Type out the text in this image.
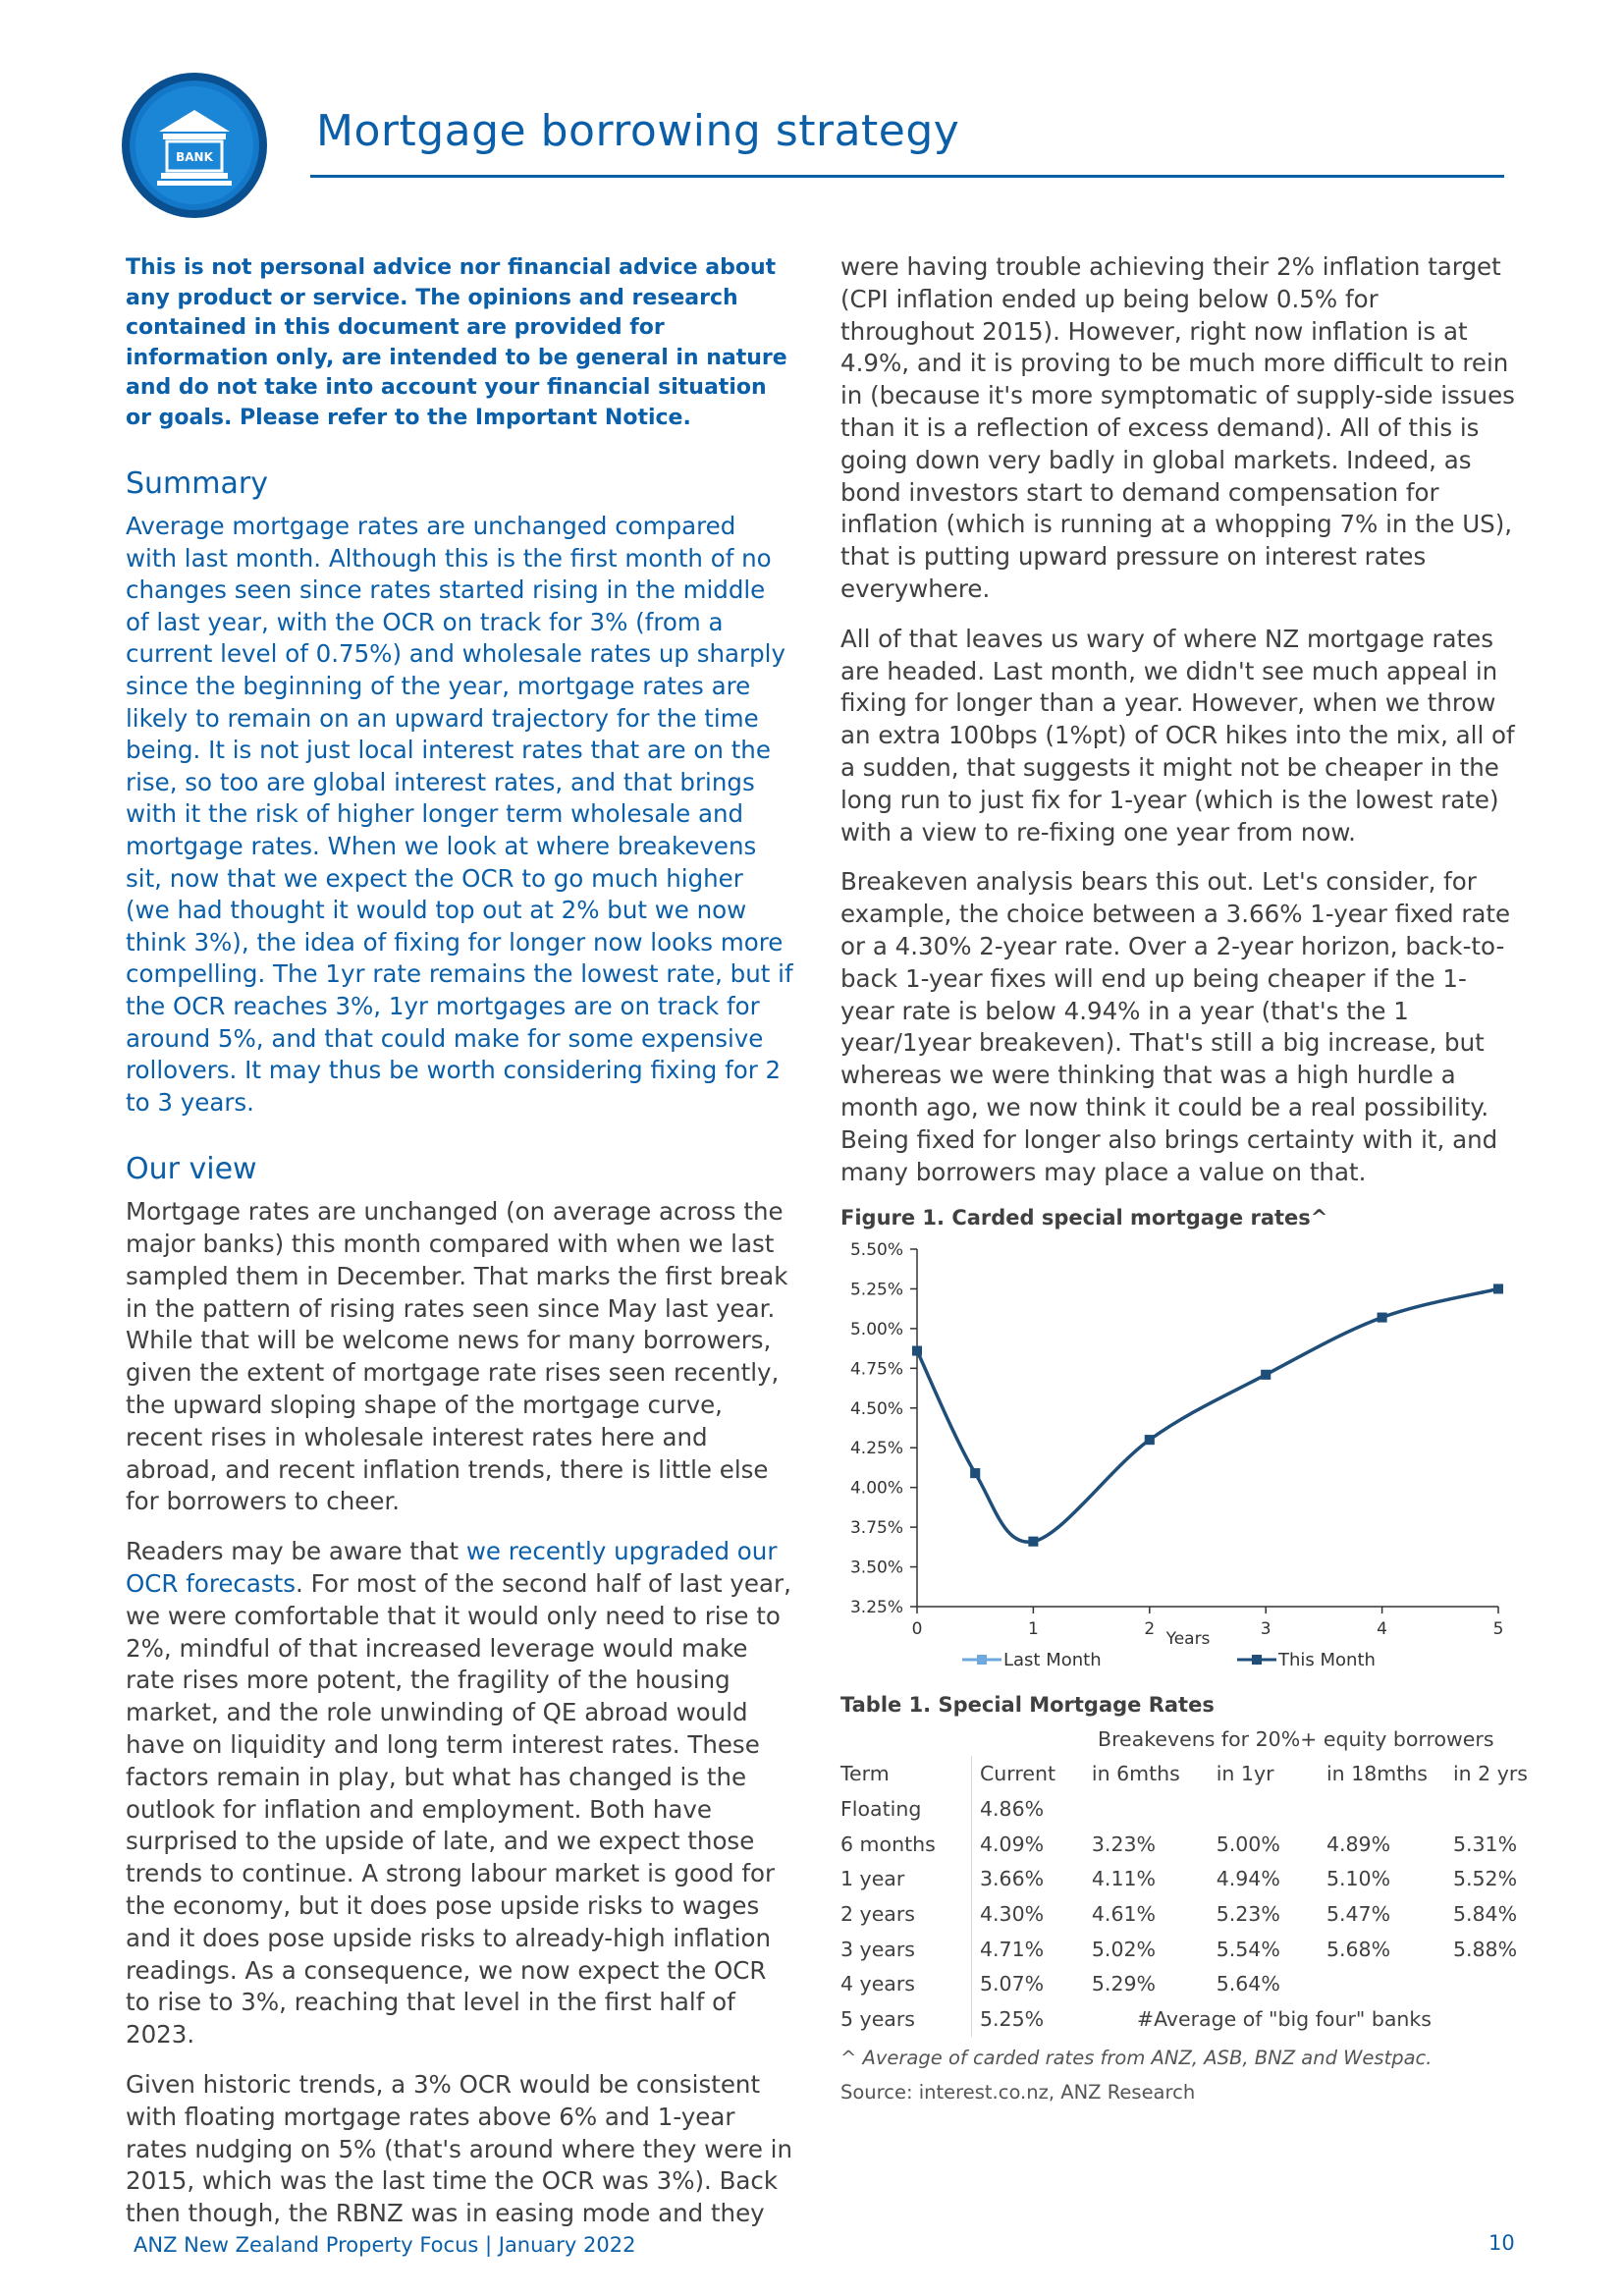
BANK
Mortgage borrowing strategy

This is not personal advice nor financial advice about any product or service. The opinions and research contained in this document are provided for information only, are intended to be general in nature and do not take into account your financial situation or goals. Please refer to the Important Notice.

Summary

Average mortgage rates are unchanged compared with last month. Although this is the first month of no changes seen since rates started rising in the middle of last year, with the OCR on track for 3% (from a current level of 0.75%) and wholesale rates up sharply since the beginning of the year, mortgage rates are likely to remain on an upward trajectory for the time being. It is not just local interest rates that are on the rise, so too are global interest rates, and that brings with it the risk of higher longer term wholesale and mortgage rates. When we look at where breakevens sit, now that we expect the OCR to go much higher (we had thought it would top out at 2% but we now think 3%), the idea of fixing for longer now looks more compelling. The 1yr rate remains the lowest rate, but if the OCR reaches 3%, 1yr mortgages are on track for around 5%, and that could make for some expensive rollovers. It may thus be worth considering fixing for 2 to 3 years.

Our view

Mortgage rates are unchanged (on average across the major banks) this month compared with when we last sampled them in December. That marks the first break in the pattern of rising rates seen since May last year. While that will be welcome news for many borrowers, given the extent of mortgage rate rises seen recently, the upward sloping shape of the mortgage curve, recent rises in wholesale interest rates here and abroad, and recent inflation trends, there is little else for borrowers to cheer.

Readers may be aware that we recently upgraded our OCR forecasts. For most of the second half of last year, we were comfortable that it would only need to rise to 2%, mindful of that increased leverage would make rate rises more potent, the fragility of the housing market, and the role unwinding of QE abroad would have on liquidity and long term interest rates. These factors remain in play, but what has changed is the outlook for inflation and employment. Both have surprised to the upside of late, and we expect those trends to continue. A strong labour market is good for the economy, but it does pose upside risks to wages and it does pose upside risks to already-high inflation readings. As a consequence, we now expect the OCR to rise to 3%, reaching that level in the first half of 2023.

Given historic trends, a 3% OCR would be consistent with floating mortgage rates above 6% and 1-year rates nudging on 5% (that's around where they were in 2015, which was the last time the OCR was 3%). Back then though, the RBNZ was in easing mode and they

were having trouble achieving their 2% inflation target (CPI inflation ended up being below 0.5% for throughout 2015). However, right now inflation is at 4.9%, and it is proving to be much more difficult to rein in (because it's more symptomatic of supply-side issues than it is a reflection of excess demand). All of this is going down very badly in global markets. Indeed, as bond investors start to demand compensation for inflation (which is running at a whopping 7% in the US), that is putting upward pressure on interest rates everywhere.

All of that leaves us wary of where NZ mortgage rates are headed. Last month, we didn't see much appeal in fixing for longer than a year. However, when we throw an extra 100bps (1%pt) of OCR hikes into the mix, all of a sudden, that suggests it might not be cheaper in the long run to just fix for 1-year (which is the lowest rate) with a view to re-fixing one year from now.

Breakeven analysis bears this out. Let's consider, for example, the choice between a 3.66% 1-year fixed rate or a 4.30% 2-year rate. Over a 2-year horizon, back-to-back 1-year fixes will end up being cheaper if the 1-year rate is below 4.94% in a year (that's the 1 year/1year breakeven). That's still a big increase, but whereas we were thinking that was a high hurdle a month ago, we now think it could be a real possibility. Being fixed for longer also brings certainty with it, and many borrowers may place a value on that.

Figure 1. Carded special mortgage rates^
3.25%
3.50%
3.75%
4.00%
4.25%
4.50%
4.75%
5.00%
5.25%
5.50%
0	1	2	3	4	5
Years
Last Month	This Month
Table 1. Special Mortgage Rates
Breakevens for 20%+ equity borrowers					
Term	Current	in 6mths	in 1yr	in 18mths	in 2 yrs
Floating	4.86%				
6 months	4.09%	3.23%	5.00%	4.89%	5.31%
1 year	3.66%	4.11%	4.94%	5.10%	5.52%
2 years	4.30%	4.61%	5.23%	5.47%	5.84%
3 years	4.71%	5.02%	5.54%	5.68%	5.88%
4 years	5.07%	5.29%	5.64%		
5 years	5.25%	#Average of "big four" banks			
^ Average of carded rates from ANZ, ASB, BNZ and Westpac.
Source: interest.co.nz, ANZ Research
ANZ New Zealand Property Focus | January 2022	10
